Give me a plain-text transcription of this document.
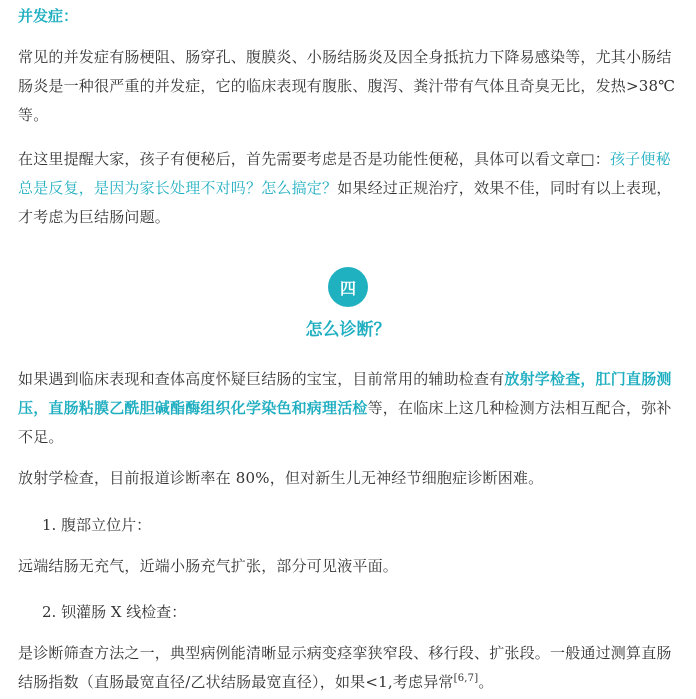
并发症：

常见的并发症有肠梗阻、肠穿孔、腹膜炎、小肠结肠炎及因全身抵抗力下降易感染等，尤其小肠结肠炎是一种很严重的并发症，它的临床表现有腹胀、腹泻、粪汁带有气体且奇臭无比，发热>38℃等。

在这里提醒大家，孩子有便秘后，首先需要考虑是否是功能性便秘，具体可以看文章□：孩子便秘总是反复，是因为家长处理不对吗？怎么搞定？如果经过正规治疗，效果不佳，同时有以上表现，才考虑为巨结肠问题。

四
怎么诊断？

如果遇到临床表现和查体高度怀疑巨结肠的宝宝，目前常用的辅助检查有放射学检查，肛门直肠测压，直肠粘膜乙酰胆碱酯酶组织化学染色和病理活检等，在临床上这几种检测方法相互配合，弥补不足。

放射学检查，目前报道诊断率在 80%，但对新生儿无神经节细胞症诊断困难。

1. 腹部立位片：

远端结肠无充气，近端小肠充气扩张，部分可见液平面。

2. 钡灌肠 X 线检查：

是诊断筛查方法之一，典型病例能清晰显示病变痉挛狭窄段、移行段、扩张段。一般通过测算直肠结肠指数（直肠最宽直径/乙状结肠最宽直径），如果<1,考虑异常[6,7]。
